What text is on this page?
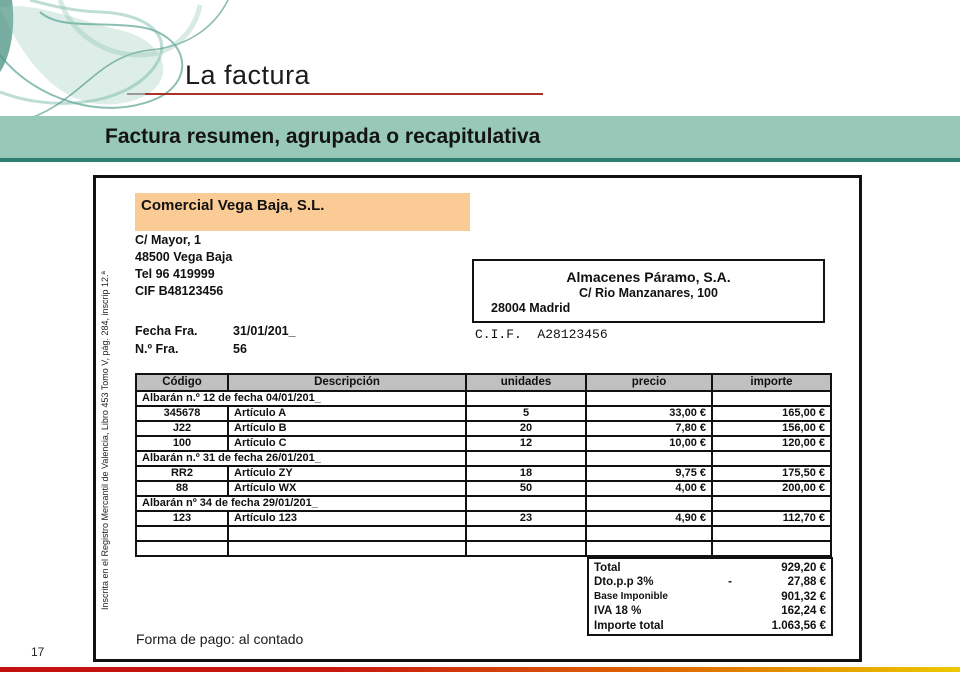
La factura
Factura resumen, agrupada o recapitulativa
Inscrita en el Registro Mercantil de Valencia, Libro 453 Tomo V, pág. 284, inscrip 12.ª
Comercial Vega Baja, S.L.
C/ Mayor, 1
48500 Vega Baja
Tel 96 419999
CIF B48123456
Fecha Fra.	31/01/201_
N.º Fra.	56
Almacenes Páramo, S.A.
C/ Rio Manzanares, 100
28004 Madrid
C.I.F.  A28123456
Código	Descripción	unidades	precio	importe
Albarán n.º 12 de fecha 04/01/201_				
345678	Artículo A	5	33,00 €	165,00 €
J22	Artículo B	20	7,80 €	156,00 €
100	Artículo C	12	10,00 €	120,00 €
Albarán n.º 31 de fecha 26/01/201_				
RR2	Artículo ZY	18	9,75 €	175,50 €
88	Artículo WX	50	4,00 €	200,00 €
Albarán nº 34 de fecha 29/01/201_				
123	Artículo 123	23	4,90 €	112,70 €

Total	929,20 €
Dto.p.p 3%	-	27,88 €
Base Imponible	901,32 €
IVA 18 %	162,24 €
Importe total	1.063,56 €
Forma de pago: al contado
17
